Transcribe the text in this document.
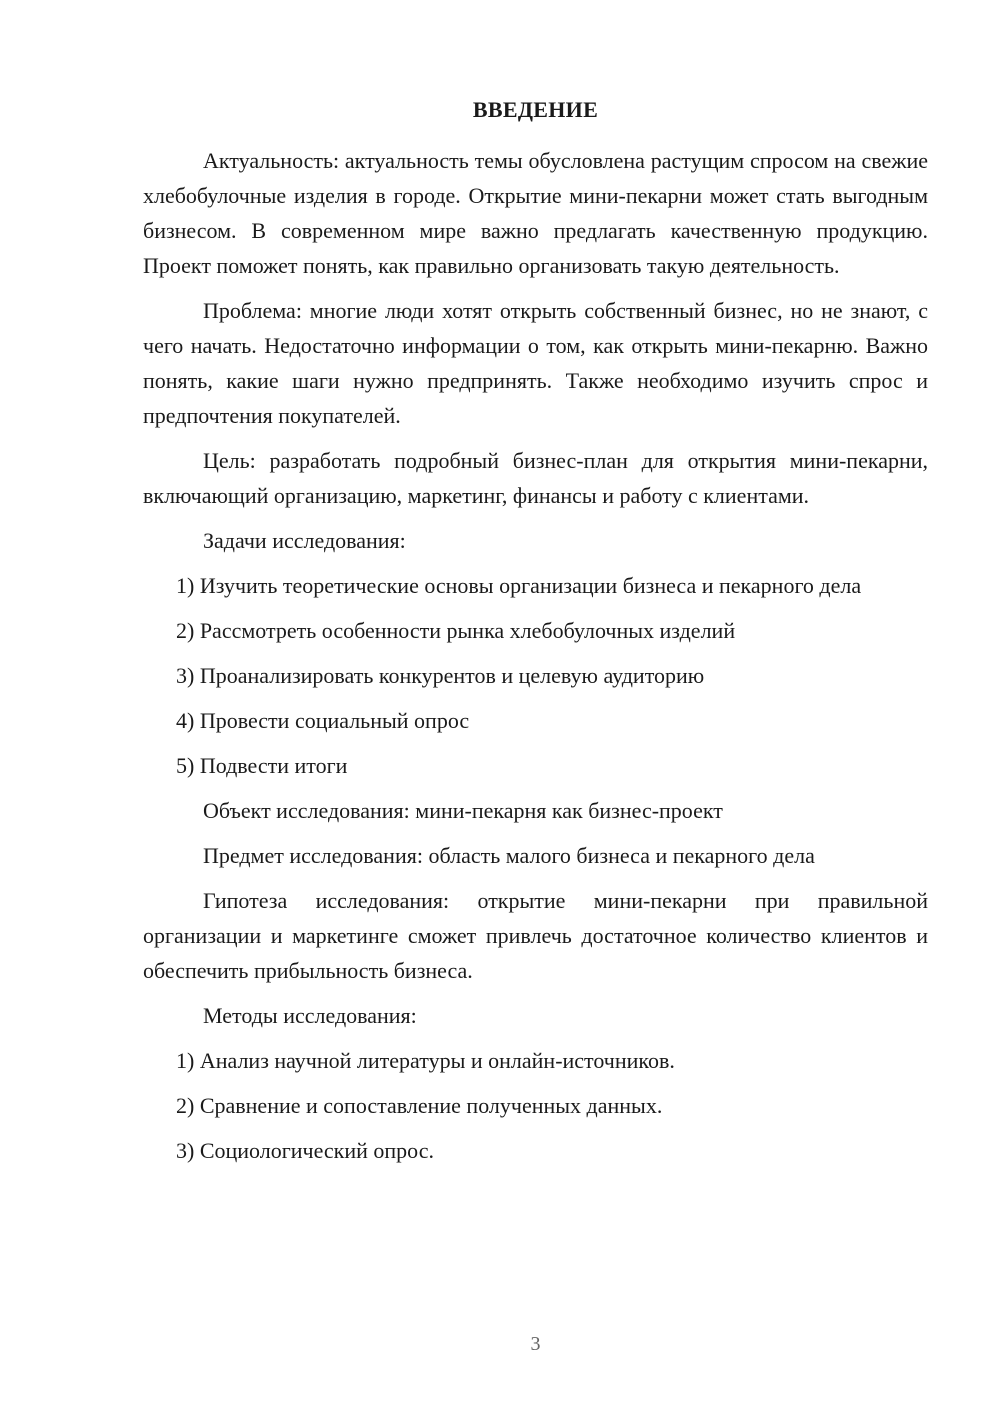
ВВЕДЕНИЕ

Актуальность: актуальность темы обусловлена растущим спросом на свежие хлебобулочные изделия в городе. Открытие мини-пекарни может стать выгодным бизнесом. В современном мире важно предлагать качественную продукцию. Проект поможет понять, как правильно организовать такую деятельность.

Проблема: многие люди хотят открыть собственный бизнес, но не знают, с чего начать. Недостаточно информации о том, как открыть мини-пекарню. Важно понять, какие шаги нужно предпринять. Также необходимо изучить спрос и предпочтения покупателей.

Цель: разработать подробный бизнес-план для открытия мини-пекарни, включающий организацию, маркетинг, финансы и работу с клиентами.

Задачи исследования:

1) Изучить теоретические основы организации бизнеса и пекарного дела

2) Рассмотреть особенности рынка хлебобулочных изделий

3) Проанализировать конкурентов и целевую аудиторию

4) Провести социальный опрос

5) Подвести итоги

Объект исследования: мини-пекарня как бизнес-проект

Предмет исследования: область малого бизнеса и пекарного дела

Гипотеза исследования: открытие мини-пекарни при правильной организации и маркетинге сможет привлечь достаточное количество клиентов и обеспечить прибыльность бизнеса.

Методы исследования:

1) Анализ научной литературы и онлайн-источников.

2) Сравнение и сопоставление полученных данных.

3) Социологический опрос.

3
